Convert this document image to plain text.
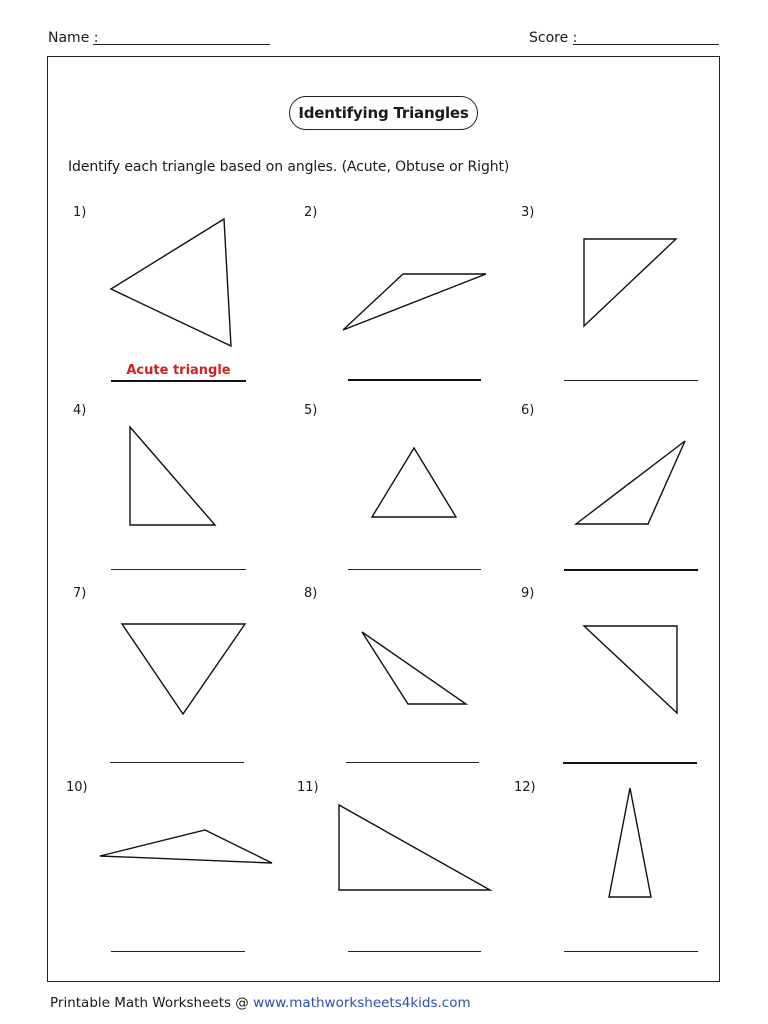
Name :	Score :
Identifying Triangles
Identify each triangle based on angles. (Acute, Obtuse or Right)
1)	2)	3)
4)	5)	6)
7)	8)	9)
10)	11)	12)
Acute triangle
Printable Math Worksheets @ www.mathworksheets4kids.com
